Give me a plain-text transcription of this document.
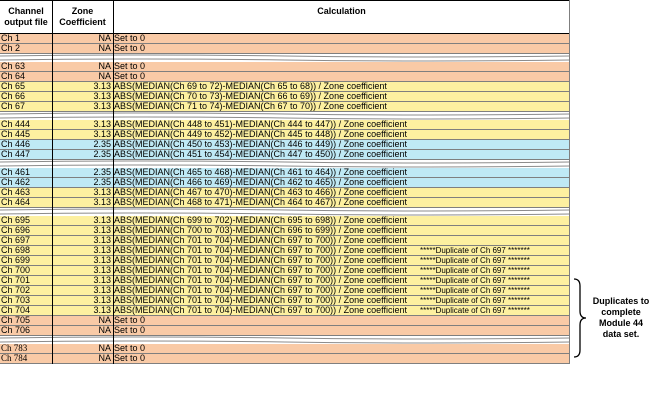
Channel output file
Zone Coefficient
Calculation
Ch 1	NA Set to 0
Ch 2	NA Set to 0
Ch 63	NA Set to 0
Ch 64	NA Set to 0
Ch 65	3.13 ABS(MEDIAN(Ch 69 to 72)-MEDIAN(Ch 65 to 68)) / Zone coefficient
Ch 66	3.13 ABS(MEDIAN(Ch 70 to 73)-MEDIAN(Ch 66 to 69)) / Zone coefficient
Ch 67	3.13 ABS(MEDIAN(Ch 71 to 74)-MEDIAN(Ch 67 to 70)) / Zone coefficient
Ch 444	3.13 ABS(MEDIAN(Ch 448 to 451)-MEDIAN(Ch 444 to 447)) / Zone coefficient
Ch 445	3.13 ABS(MEDIAN(Ch 449 to 452)-MEDIAN(Ch 445 to 448)) / Zone coefficient
Ch 446	2.35 ABS(MEDIAN(Ch 450 to 453)-MEDIAN(Ch 446 to 449)) / Zone coefficient
Ch 447	2.35 ABS(MEDIAN(Ch 451 to 454)-MEDIAN(Ch 447 to 450)) / Zone coefficient
Ch 461	2.35 ABS(MEDIAN(Ch 465 to 468)-MEDIAN(Ch 461 to 464)) / Zone coefficient
Ch 462	2.35 ABS(MEDIAN(Ch 466 to 469)-MEDIAN(Ch 462 to 465)) / Zone coefficient
Ch 463	3.13 ABS(MEDIAN(Ch 467 to 470)-MEDIAN(Ch 463 to 466)) / Zone coefficient
Ch 464	3.13 ABS(MEDIAN(Ch 468 to 471)-MEDIAN(Ch 464 to 467)) / Zone coefficient
Ch 695	3.13 ABS(MEDIAN(Ch 699 to 702)-MEDIAN(Ch 695 to 698)) / Zone coefficient
Ch 696	3.13 ABS(MEDIAN(Ch 700 to 703)-MEDIAN(Ch 696 to 699)) / Zone coefficient
Ch 697	3.13 ABS(MEDIAN(Ch 701 to 704)-MEDIAN(Ch 697 to 700)) / Zone coefficient
Ch 698	3.13 ABS(MEDIAN(Ch 701 to 704)-MEDIAN(Ch 697 to 700)) / Zone coefficient	*****Duplicate of Ch 697 *******
Ch 699	3.13 ABS(MEDIAN(Ch 701 to 704)-MEDIAN(Ch 697 to 700)) / Zone coefficient	*****Duplicate of Ch 697 *******
Ch 700	3.13 ABS(MEDIAN(Ch 701 to 704)-MEDIAN(Ch 697 to 700)) / Zone coefficient	*****Duplicate of Ch 697 *******
Ch 701	3.13 ABS(MEDIAN(Ch 701 to 704)-MEDIAN(Ch 697 to 700)) / Zone coefficient	*****Duplicate of Ch 697 *******
Ch 702	3.13 ABS(MEDIAN(Ch 701 to 704)-MEDIAN(Ch 697 to 700)) / Zone coefficient	*****Duplicate of Ch 697 *******
Ch 703	3.13 ABS(MEDIAN(Ch 701 to 704)-MEDIAN(Ch 697 to 700)) / Zone coefficient	*****Duplicate of Ch 697 *******
Ch 704	3.13 ABS(MEDIAN(Ch 701 to 704)-MEDIAN(Ch 697 to 700)) / Zone coefficient	*****Duplicate of Ch 697 *******
Ch 705	NA Set to 0
Ch 706	NA Set to 0
Ch 783	NA Set to 0
Ch 784	NA Set to 0
Duplicates to complete Module 44 data set.
